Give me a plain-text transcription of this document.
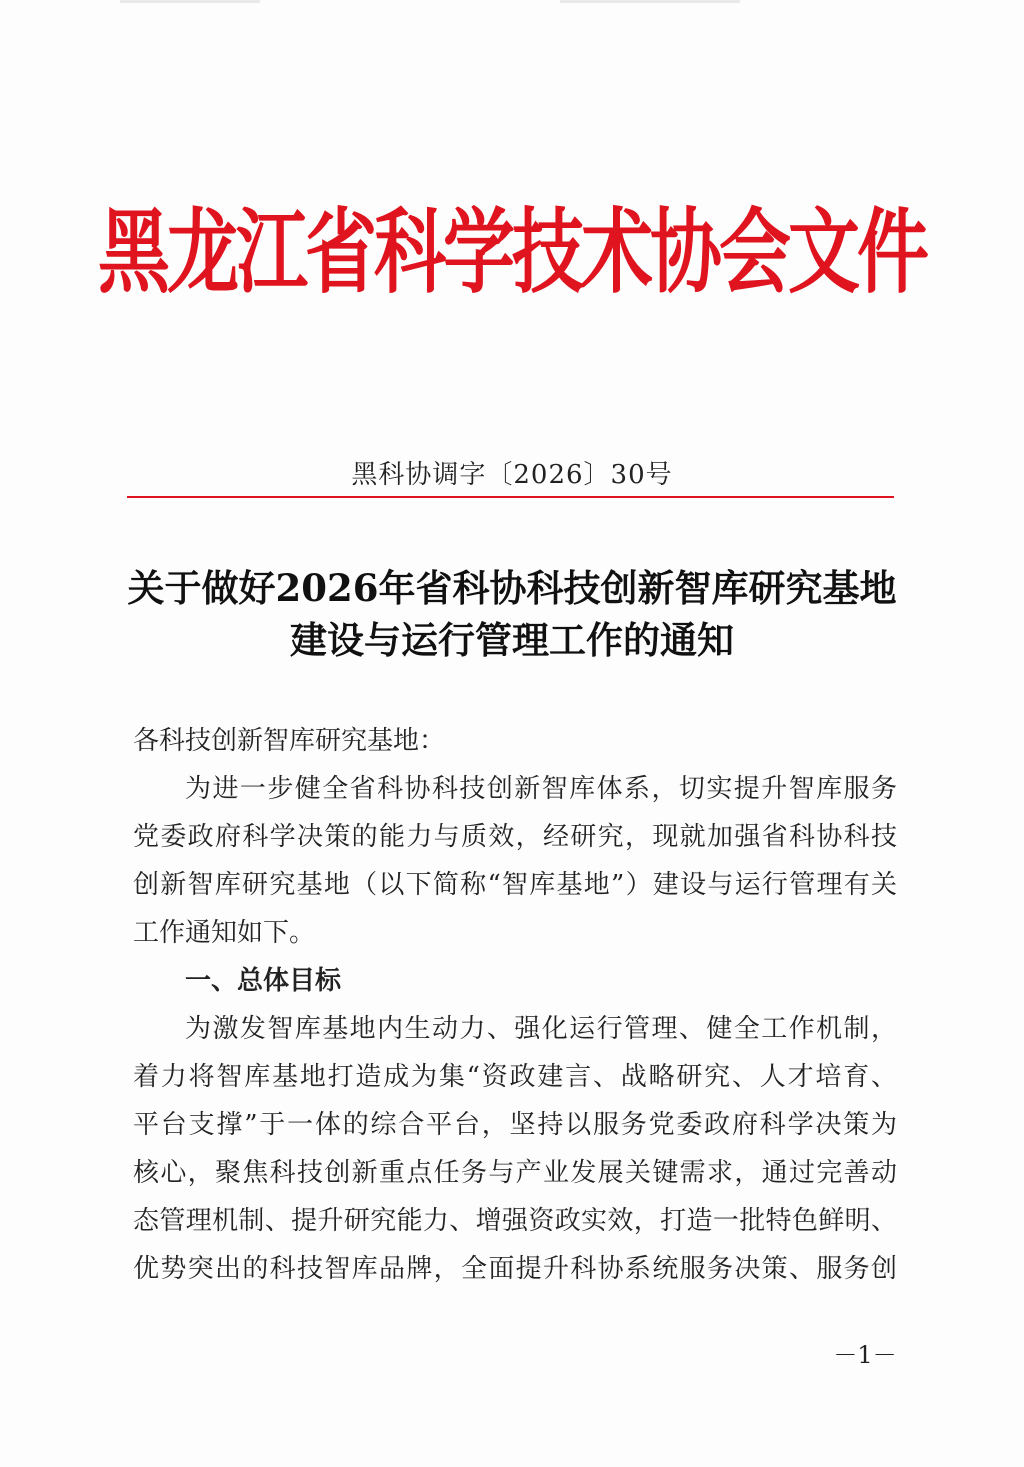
黑龙江省科学技术协会文件
黑科协调字〔2026〕30号
关于做好2026年省科协科技创新智库研究基地
建设与运行管理工作的通知

各科技创新智库研究基地：

为进一步健全省科协科技创新智库体系，切实提升智库服务

党委政府科学决策的能力与质效，经研究，现就加强省科协科技

创新智库研究基地（以下简称“智库基地”）建设与运行管理有关

工作通知如下。

一、总体目标

为激发智库基地内生动力、强化运行管理、健全工作机制，

着力将智库基地打造成为集“资政建言、战略研究、人才培育、

平台支撑”于一体的综合平台，坚持以服务党委政府科学决策为

核心，聚焦科技创新重点任务与产业发展关键需求，通过完善动

态管理机制、提升研究能力、增强资政实效，打造一批特色鲜明、

优势突出的科技智库品牌，全面提升科协系统服务决策、服务创

－1－
